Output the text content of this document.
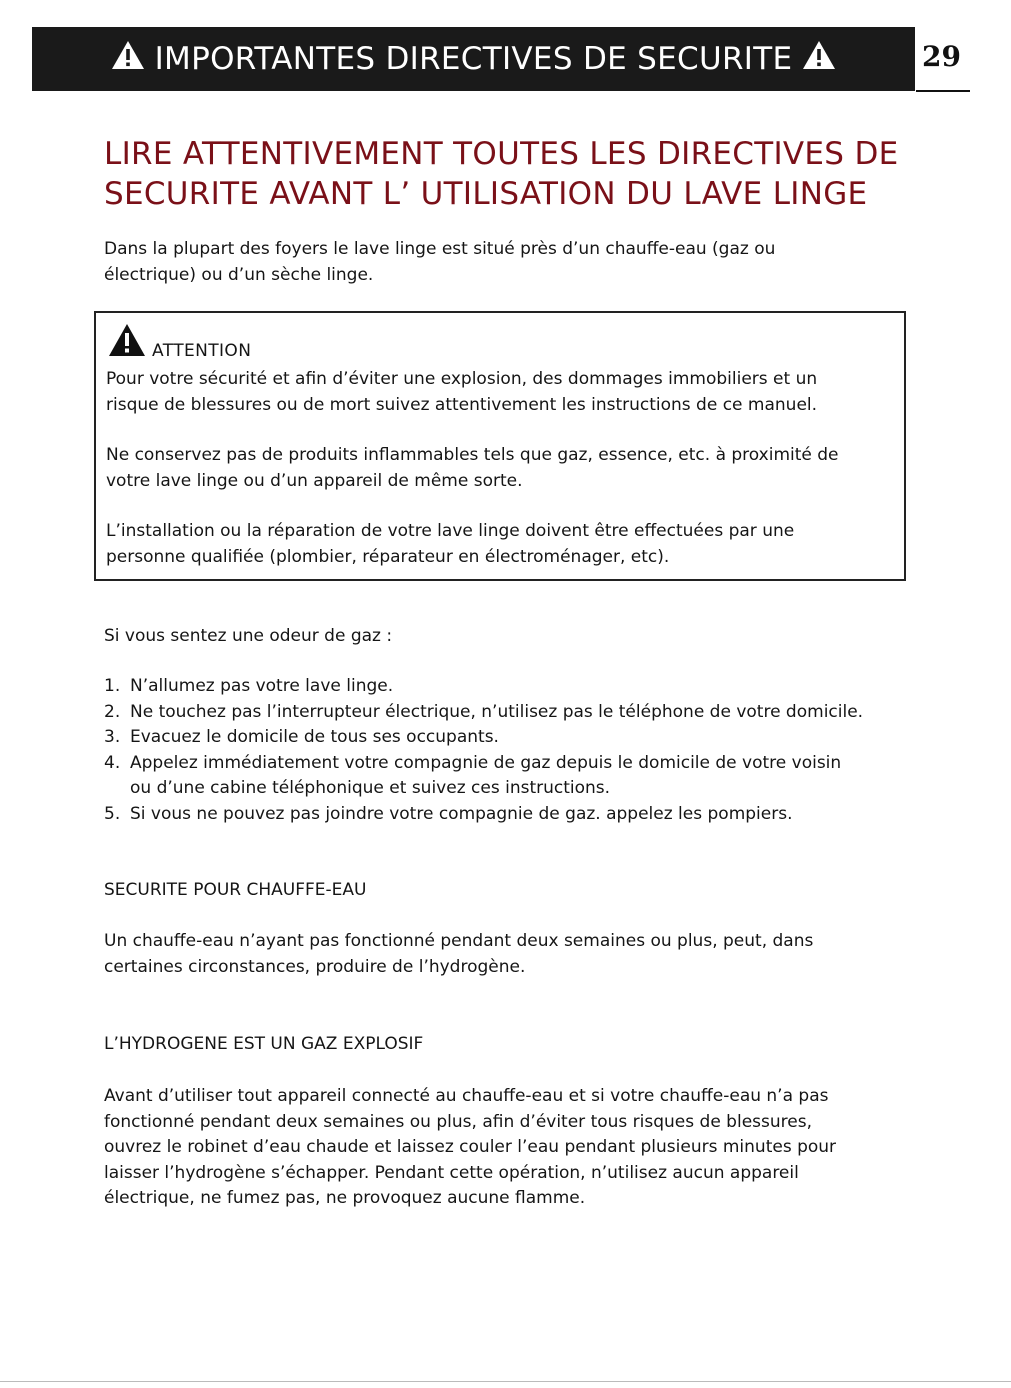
IMPORTANTES DIRECTIVES DE SECURITE	29
LIRE ATTENTIVEMENT TOUTES LES DIRECTIVES DE
SECURITE AVANT L’ UTILISATION DU LAVE LINGE
Dans la plupart des foyers le lave linge est situé près d’un chauffe-eau (gaz ou
électrique) ou d’un sèche linge.
ATTENTION
Pour votre sécurité et afin d’éviter une explosion, des dommages immobiliers et un
risque de blessures ou de mort suivez attentivement les instructions de ce manuel.
Ne conservez pas de produits inflammables tels que gaz, essence, etc. à proximité de
votre lave linge ou d’un appareil de même sorte.
L’installation ou la réparation de votre lave linge doivent être effectuées par une
personne qualifiée (plombier, réparateur en électroménager, etc).
Si vous sentez une odeur de gaz :
1. N’allumez pas votre lave linge.
2. Ne touchez pas l’interrupteur électrique, n’utilisez pas le téléphone de votre domicile.
3. Evacuez le domicile de tous ses occupants.
4. Appelez immédiatement votre compagnie de gaz depuis le domicile de votre voisin
ou d’une cabine téléphonique et suivez ces instructions.
5. Si vous ne pouvez pas joindre votre compagnie de gaz. appelez les pompiers.
SECURITE POUR CHAUFFE-EAU
Un chauffe-eau n’ayant pas fonctionné pendant deux semaines ou plus, peut, dans
certaines circonstances, produire de l’hydrogène.
L’HYDROGENE EST UN GAZ EXPLOSIF
Avant d’utiliser tout appareil connecté au chauffe-eau et si votre chauffe-eau n’a pas
fonctionné pendant deux semaines ou plus, afin d’éviter tous risques de blessures,
ouvrez le robinet d’eau chaude et laissez couler l’eau pendant plusieurs minutes pour
laisser l’hydrogène s’échapper. Pendant cette opération, n’utilisez aucun appareil
électrique, ne fumez pas, ne provoquez aucune flamme.
